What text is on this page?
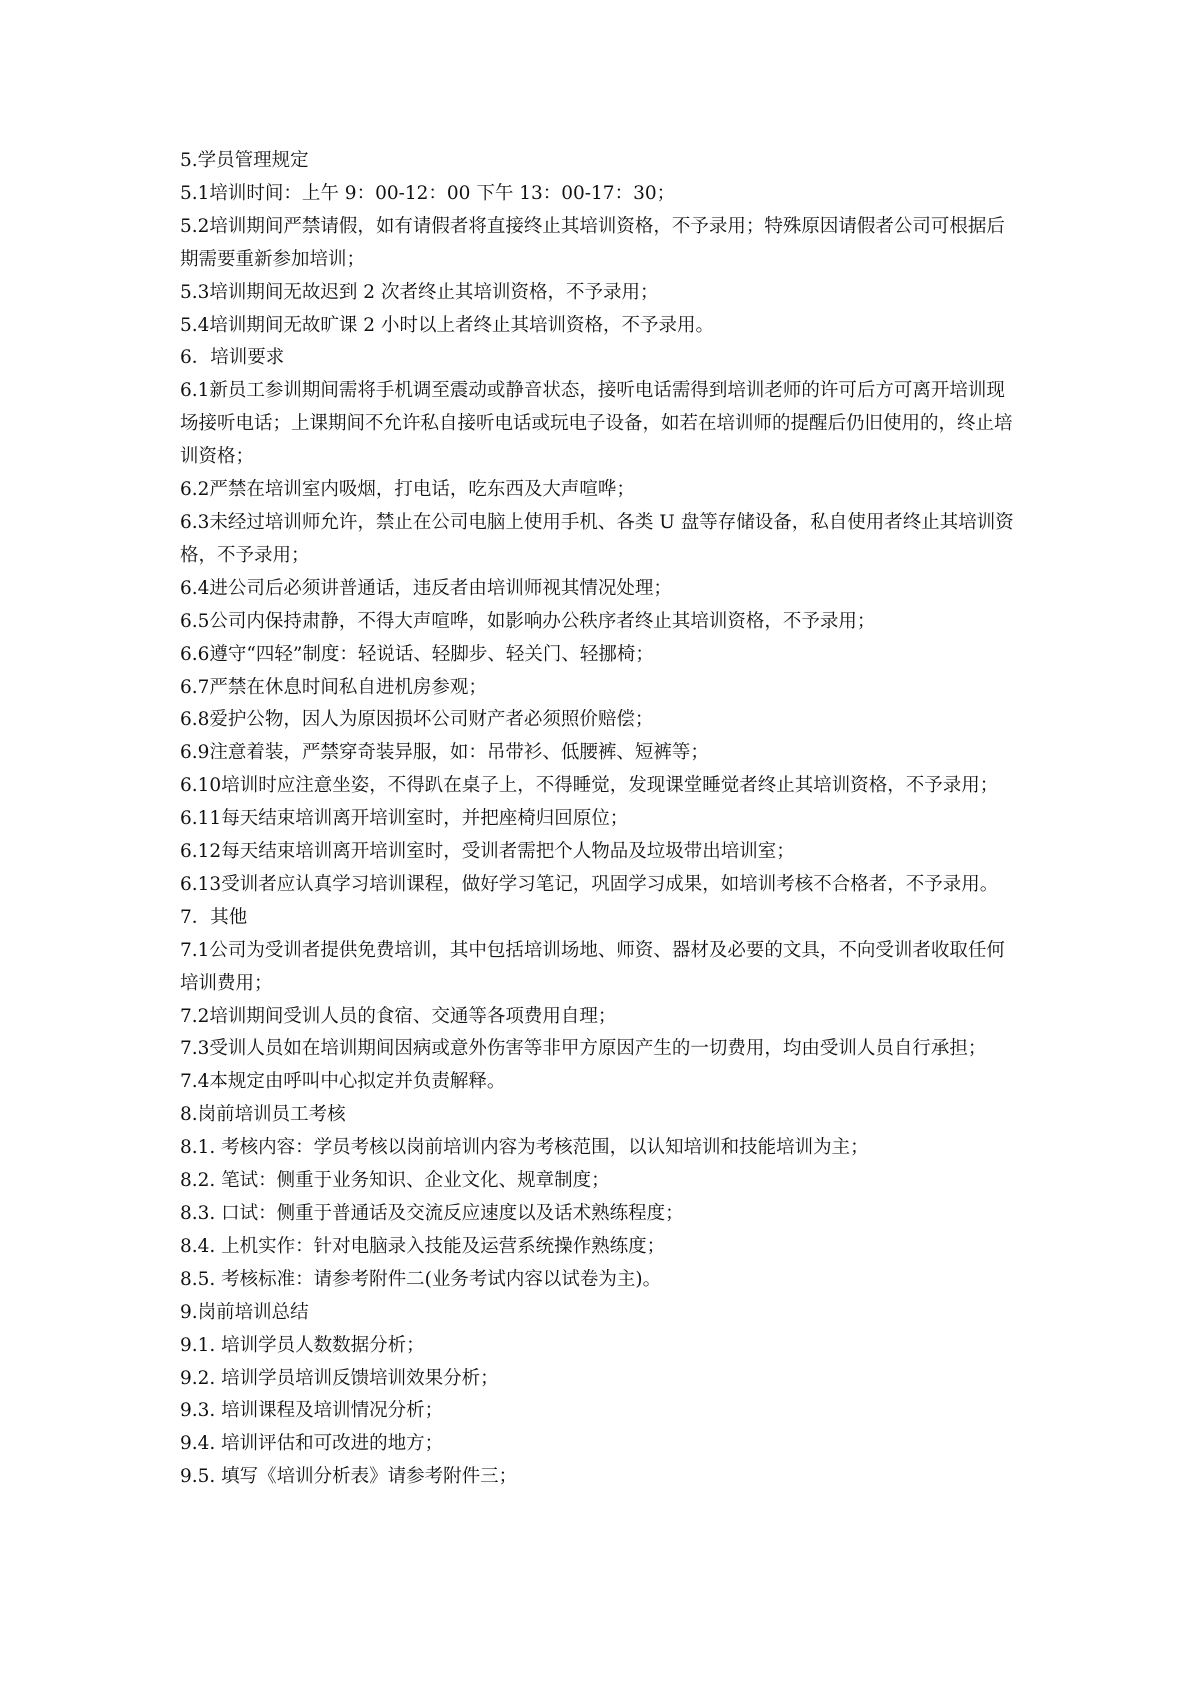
5.学员管理规定

5.1培训时间：上午 9：00-12：00 下午 13：00-17：30；

5.2培训期间严禁请假，如有请假者将直接终止其培训资格，不予录用；特殊原因请假者公司可根据后期需要重新参加培训；

5.3培训期间无故迟到 2 次者终止其培训资格，不予录用；

5.4培训期间无故旷课 2 小时以上者终止其培训资格，不予录用。

6．培训要求

6.1新员工参训期间需将手机调至震动或静音状态，接听电话需得到培训老师的许可后方可离开培训现场接听电话；上课期间不允许私自接听电话或玩电子设备，如若在培训师的提醒后仍旧使用的，终止培训资格；

6.2严禁在培训室内吸烟，打电话，吃东西及大声喧哗；

6.3未经过培训师允许，禁止在公司电脑上使用手机、各类 U 盘等存储设备，私自使用者终止其培训资格，不予录用；

6.4进公司后必须讲普通话，违反者由培训师视其情况处理；

6.5公司内保持肃静，不得大声喧哗，如影响办公秩序者终止其培训资格，不予录用；

6.6遵守“四轻”制度：轻说话、轻脚步、轻关门、轻挪椅；

6.7严禁在休息时间私自进机房参观；

6.8爱护公物，因人为原因损坏公司财产者必须照价赔偿；

6.9注意着装，严禁穿奇装异服，如：吊带衫、低腰裤、短裤等；

6.10培训时应注意坐姿，不得趴在桌子上，不得睡觉，发现课堂睡觉者终止其培训资格，不予录用；

6.11每天结束培训离开培训室时，并把座椅归回原位；

6.12每天结束培训离开培训室时，受训者需把个人物品及垃圾带出培训室；

6.13受训者应认真学习培训课程，做好学习笔记，巩固学习成果，如培训考核不合格者，不予录用。

7．其他

7.1公司为受训者提供免费培训，其中包括培训场地、师资、器材及必要的文具，不向受训者收取任何培训费用；

7.2培训期间受训人员的食宿、交通等各项费用自理；

7.3受训人员如在培训期间因病或意外伤害等非甲方原因产生的一切费用，均由受训人员自行承担；

7.4本规定由呼叫中心拟定并负责解释。

8.岗前培训员工考核

8.1. 考核内容：学员考核以岗前培训内容为考核范围，以认知培训和技能培训为主；

8.2. 笔试：侧重于业务知识、企业文化、规章制度；

8.3. 口试：侧重于普通话及交流反应速度以及话术熟练程度；

8.4. 上机实作：针对电脑录入技能及运营系统操作熟练度；

8.5. 考核标准：请参考附件二(业务考试内容以试卷为主)。

9.岗前培训总结

9.1. 培训学员人数数据分析；

9.2. 培训学员培训反馈培训效果分析；

9.3. 培训课程及培训情况分析；

9.4. 培训评估和可改进的地方；

9.5. 填写《培训分析表》请参考附件三；
